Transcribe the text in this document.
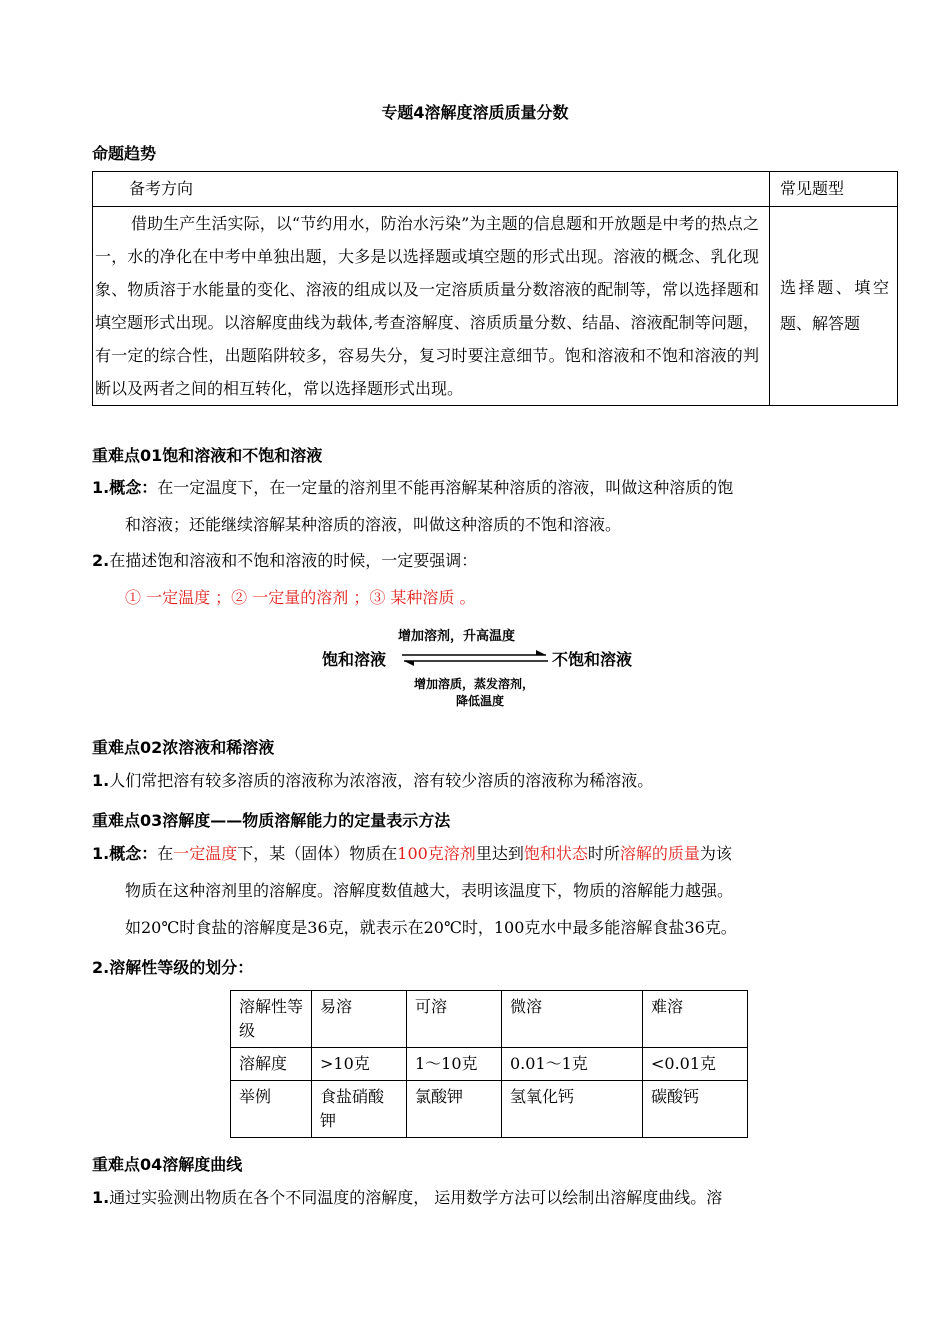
专题4溶解度溶质质量分数
命题趋势
备考方向	常见题型
借助生产生活实际，以“节约用水，防治水污染”为主题的信息题和开放题是中考的热点之一，水的净化在中考中单独出题，大多是以选择题或填空题的形式出现。溶液的概念、乳化现象、物质溶于水能量的变化、溶液的组成以及一定溶质质量分数溶液的配制等，常以选择题和填空题形式出现。以溶解度曲线为载体,考查溶解度、溶质质量分数、结晶、溶液配制等问题，有一定的综合性，出题陷阱较多，容易失分，复习时要注意细节。饱和溶液和不饱和溶液的判断以及两者之间的相互转化，常以选择题形式出现。	选择题、填空题、解答题
重难点01饱和溶液和不饱和溶液
1.概念：在一定温度下，在一定量的溶剂里不能再溶解某种溶质的溶液，叫做这种溶质的饱
和溶液；还能继续溶解某种溶质的溶液，叫做这种溶质的不饱和溶液。
2.在描述饱和溶液和不饱和溶液的时候，一定要强调：
① 一定温度 ；② 一定量的溶剂 ；③ 某种溶质 。
增加溶剂，升高温度
饱和溶液	不饱和溶液
增加溶质，蒸发溶剂，
降低温度
重难点02浓溶液和稀溶液
1.人们常把溶有较多溶质的溶液称为浓溶液，溶有较少溶质的溶液称为稀溶液。
重难点03溶解度——物质溶解能力的定量表示方法
1.概念：在一定温度下，某（固体）物质在100克溶剂里达到饱和状态时所溶解的质量为该
物质在这种溶剂里的溶解度。溶解度数值越大，表明该温度下，物质的溶解能力越强。
如20℃时食盐的溶解度是36克，就表示在20℃时，100克水中最多能溶解食盐36克。
2.溶解性等级的划分：
溶解性等级	易溶	可溶	微溶	难溶
溶解度	>10克	1～10克	0.01～1克	<0.01克
举例	食盐硝酸钾	氯酸钾	氢氧化钙	碳酸钙
重难点04溶解度曲线
1.通过实验测出物质在各个不同温度的溶解度， 运用数学方法可以绘制出溶解度曲线。溶
